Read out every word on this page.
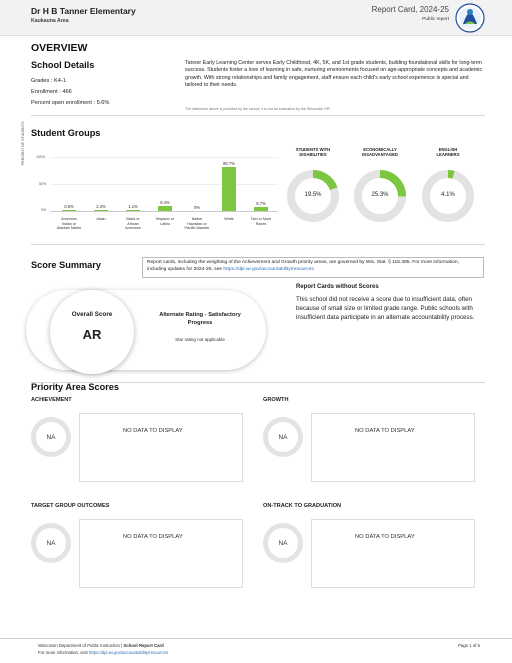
Dr H B Tanner Elementary
Kaukauna Area
Report Card, 2024-25
Public report
OVERVIEW
School Details
Grades : K4-1
Enrollment : 466
Percent open enrollment : 5.6%
Tanner Early Learning Center serves Early Childhood, 4K, 5K, and 1st grade students, building foundational skills for long-term success. Students foster a love of learning in safe, nurturing environments focused on age-appropriate concepts and academic growth. With strong relationships and family engagement, staff ensure each child's early school experience is special and tailored to their needs.
The statement above is provided by the school; it is not an evaluation by the Wisconsin DPI
Student Groups
PERCENT OF STUDENTS	100%
50%
0%
0.6%
American
Indian or
Alaskan Native
2.4%
Asian
1.1%
Black or
African
American
8.4%
Hispanic or
Latino
0%
Native
Hawaiian or
Pacific Islander
80.7%
White
6.7%
Two or More
Races
STUDENTS WITH
DISABILITIES
19.5%
ECONOMICALLY
DISADVANTAGED
25.3%
ENGLISH
LEARNERS
4.1%
Score Summary	Report cards, including the weighting of the Achievement and Growth priority areas, are governed by Wis. Stat. § 115.385. For more information, including updates for 2024-25, see https://dpi.wi.gov/accountability/resources.
Overall Score
AR
Alternate Rating - Satisfactory Progress
Star rating not applicable
Report Cards without Scores
This school did not receive a score due to insufficient data, often because of small size or limited grade range. Public schools with insufficient data participate in an alternate accountability process.
Priority Area Scores
ACHIEVEMENT
NA
NO DATA TO DISPLAY
GROWTH
NA
NO DATA TO DISPLAY
TARGET GROUP OUTCOMES
NA
NO DATA TO DISPLAY
ON-TRACK TO GRADUATION
NA
NO DATA TO DISPLAY
Wisconsin Department of Public Instruction | School Report Card
For more information, visit https://dpi.wi.gov/accountability/resources
Page 1 of 6
